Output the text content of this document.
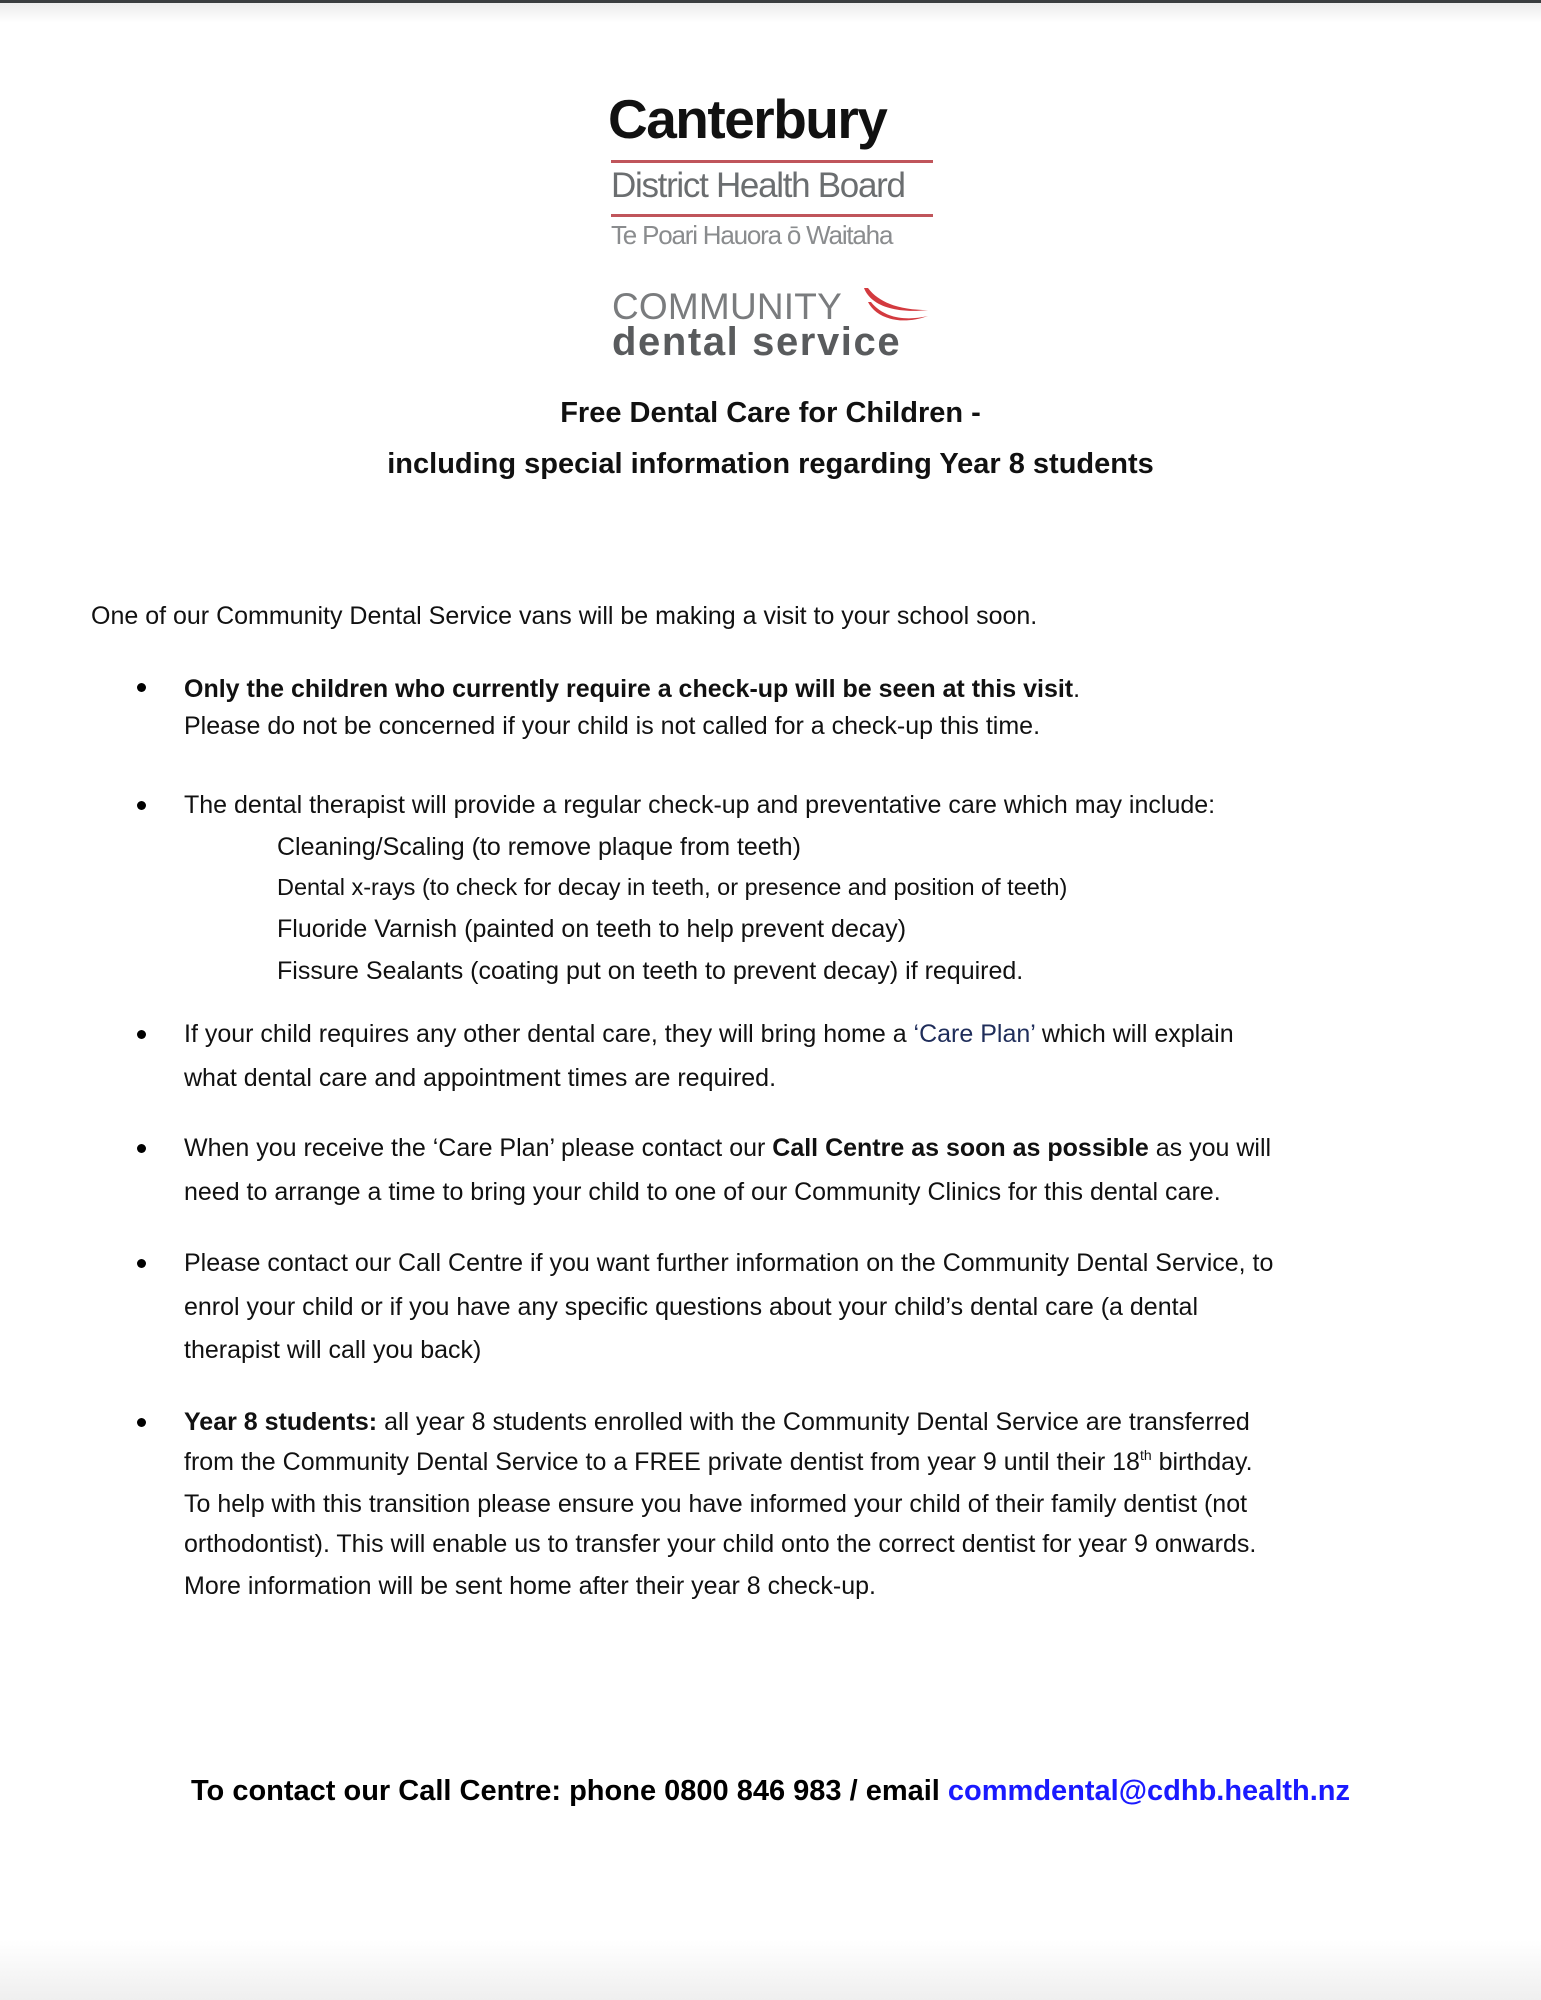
Canterbury
District Health Board
Te Poari Hauora ō Waitaha
COMMUNITY
dental service
Free Dental Care for Children -
including special information regarding Year 8 students
One of our Community Dental Service vans will be making a visit to your school soon.
Only the children who currently require a check-up will be seen at this visit.
Please do not be concerned if your child is not called for a check-up this time.
The dental therapist will provide a regular check-up and preventative care which may include:
Cleaning/Scaling (to remove plaque from teeth)
Dental x-rays (to check for decay in teeth, or presence and position of teeth)
Fluoride Varnish (painted on teeth to help prevent decay)
Fissure Sealants (coating put on teeth to prevent decay) if required.
If your child requires any other dental care, they will bring home a ‘Care Plan’ which will explain
what dental care and appointment times are required.
When you receive the ‘Care Plan’ please contact our Call Centre as soon as possible as you will
need to arrange a time to bring your child to one of our Community Clinics for this dental care.
Please contact our Call Centre if you want further information on the Community Dental Service, to
enrol your child or if you have any specific questions about your child’s dental care (a dental
therapist will call you back)
Year 8 students: all year 8 students enrolled with the Community Dental Service are transferred
from the Community Dental Service to a FREE private dentist from year 9 until their 18th birthday.
To help with this transition please ensure you have informed your child of their family dentist (not
orthodontist). This will enable us to transfer your child onto the correct dentist for year 9 onwards.
More information will be sent home after their year 8 check-up.
To contact our Call Centre: phone 0800 846 983 / email commdental@cdhb.health.nz
